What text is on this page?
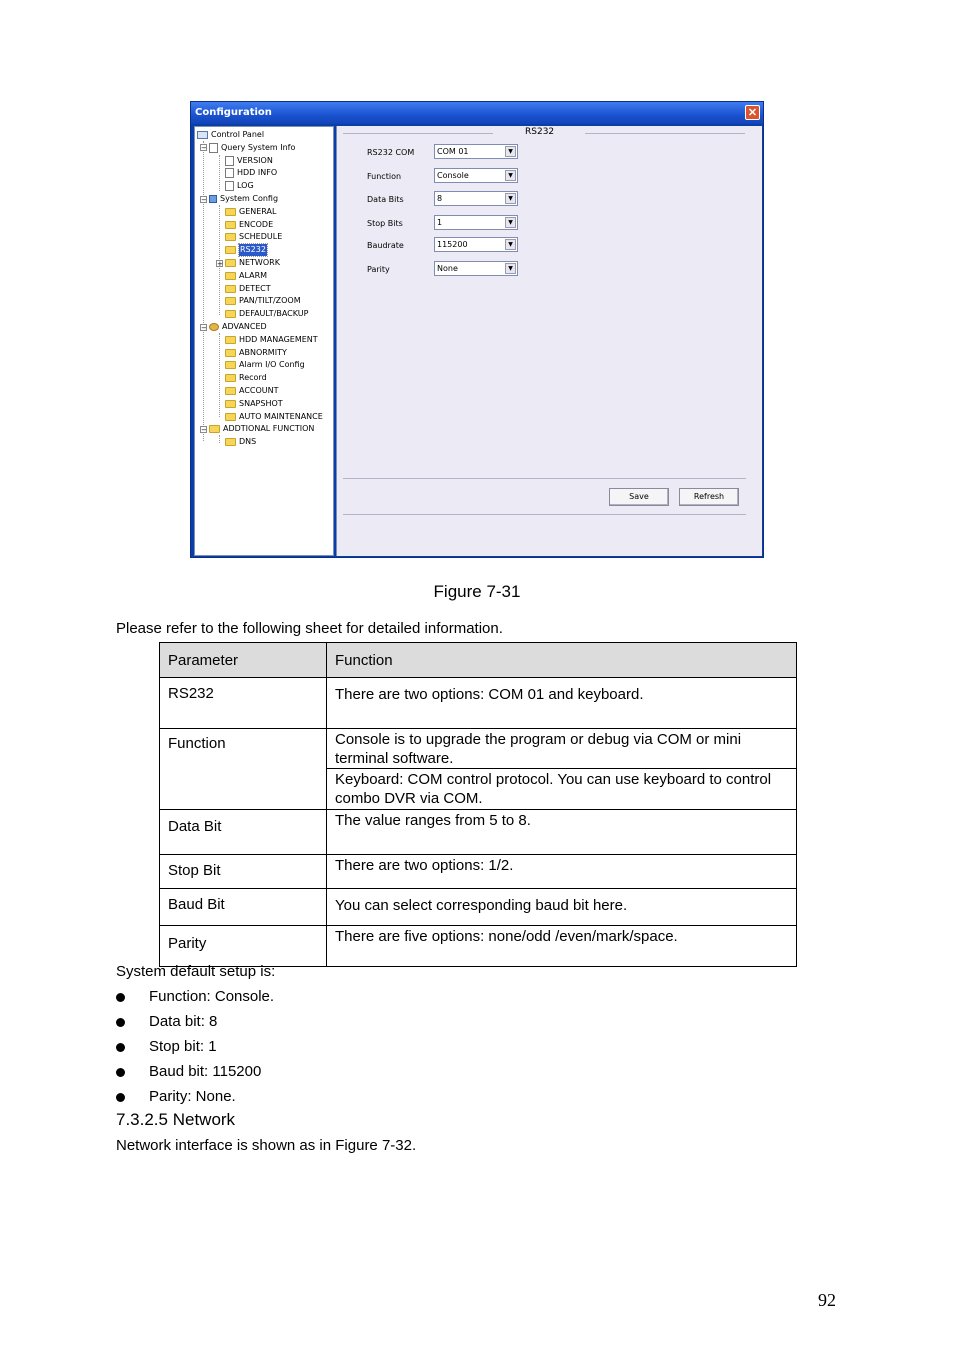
Configuration	✕
Control Panel
− Query System Info
VERSION
HDD INFO
LOG
− System Config
GENERAL
ENCODE
SCHEDULE
RS232
+ NETWORK
ALARM
DETECT
PAN/TILT/ZOOM
DEFAULT/BACKUP
− ADVANCED
HDD MANAGEMENT
ABNORMITY
Alarm I/O Config
Record
ACCOUNT
SNAPSHOT
AUTO MAINTENANCE
− ADDTIONAL FUNCTION
DNS
RS232
RS232 COM	COM 01	▼
Function	Console	▼
Data Bits	8	▼
Stop Bits	1	▼
Baudrate	115200	▼
Parity	None	▼
Save	Refresh
Figure 7-31
Please refer to the following sheet for detailed information.
Parameter	Function
RS232	There are two options: COM 01 and keyboard.

Function	Console is to upgrade the program or debug via COM or mini terminal software.
Keyboard: COM control protocol. You can use keyboard to control combo DVR via COM.

Data Bit	The value ranges from 5 to 8.

Stop Bit	There are two options: 1/2.

Baud Bit	You can select corresponding baud bit here.

Parity	There are five options: none/odd /even/mark/space.
System default setup is:
Function: Console.
Data bit: 8
Stop bit: 1
Baud bit: 115200
Parity: None.
7.3.2.5 Network
Network interface is shown as in Figure 7-32.
92
